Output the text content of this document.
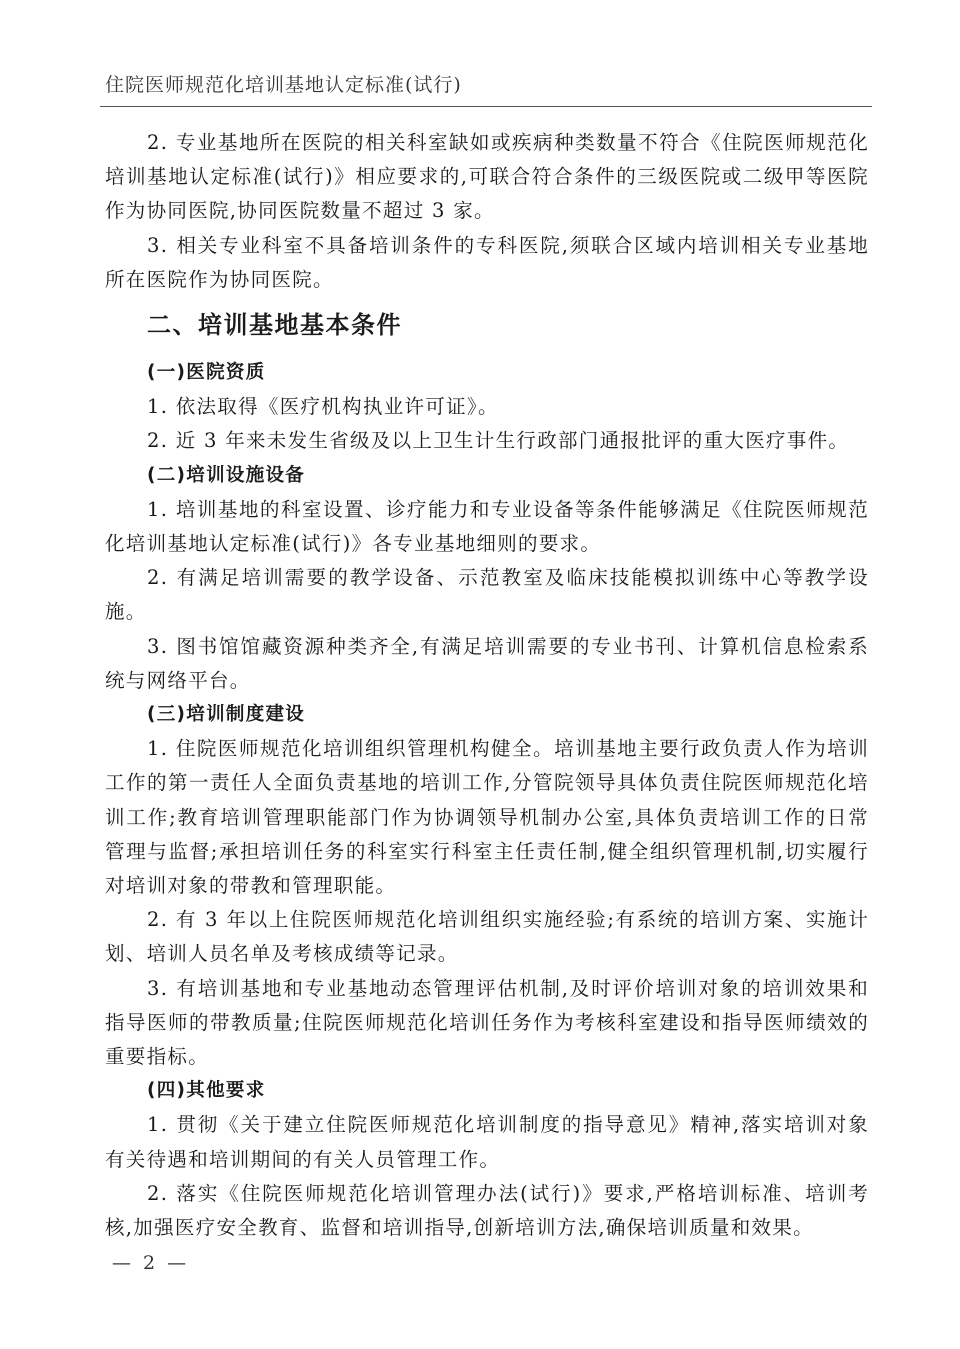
住院医师规范化培训基地认定标准(试行)

2. 专业基地所在医院的相关科室缺如或疾病种类数量不符合《住院医师规范化培训基地认定标准(试行)》相应要求的,可联合符合条件的三级医院或二级甲等医院作为协同医院,协同医院数量不超过 3 家。

3. 相关专业科室不具备培训条件的专科医院,须联合区域内培训相关专业基地所在医院作为协同医院。

二、培训基地基本条件
(一)医院资质

1. 依法取得《医疗机构执业许可证》。

2. 近 3 年来未发生省级及以上卫生计生行政部门通报批评的重大医疗事件。

(二)培训设施设备

1. 培训基地的科室设置、诊疗能力和专业设备等条件能够满足《住院医师规范化培训基地认定标准(试行)》各专业基地细则的要求。

2. 有满足培训需要的教学设备、示范教室及临床技能模拟训练中心等教学设施。

3. 图书馆馆藏资源种类齐全,有满足培训需要的专业书刊、计算机信息检索系统与网络平台。

(三)培训制度建设

1. 住院医师规范化培训组织管理机构健全。培训基地主要行政负责人作为培训工作的第一责任人全面负责基地的培训工作,分管院领导具体负责住院医师规范化培训工作;教育培训管理职能部门作为协调领导机制办公室,具体负责培训工作的日常管理与监督;承担培训任务的科室实行科室主任责任制,健全组织管理机制,切实履行对培训对象的带教和管理职能。

2. 有 3 年以上住院医师规范化培训组织实施经验;有系统的培训方案、实施计划、培训人员名单及考核成绩等记录。

3. 有培训基地和专业基地动态管理评估机制,及时评价培训对象的培训效果和指导医师的带教质量;住院医师规范化培训任务作为考核科室建设和指导医师绩效的重要指标。

(四)其他要求

1. 贯彻《关于建立住院医师规范化培训制度的指导意见》精神,落实培训对象有关待遇和培训期间的有关人员管理工作。

2. 落实《住院医师规范化培训管理办法(试行)》要求,严格培训标准、培训考核,加强医疗安全教育、监督和培训指导,创新培训方法,确保培训质量和效果。

— 2 —
